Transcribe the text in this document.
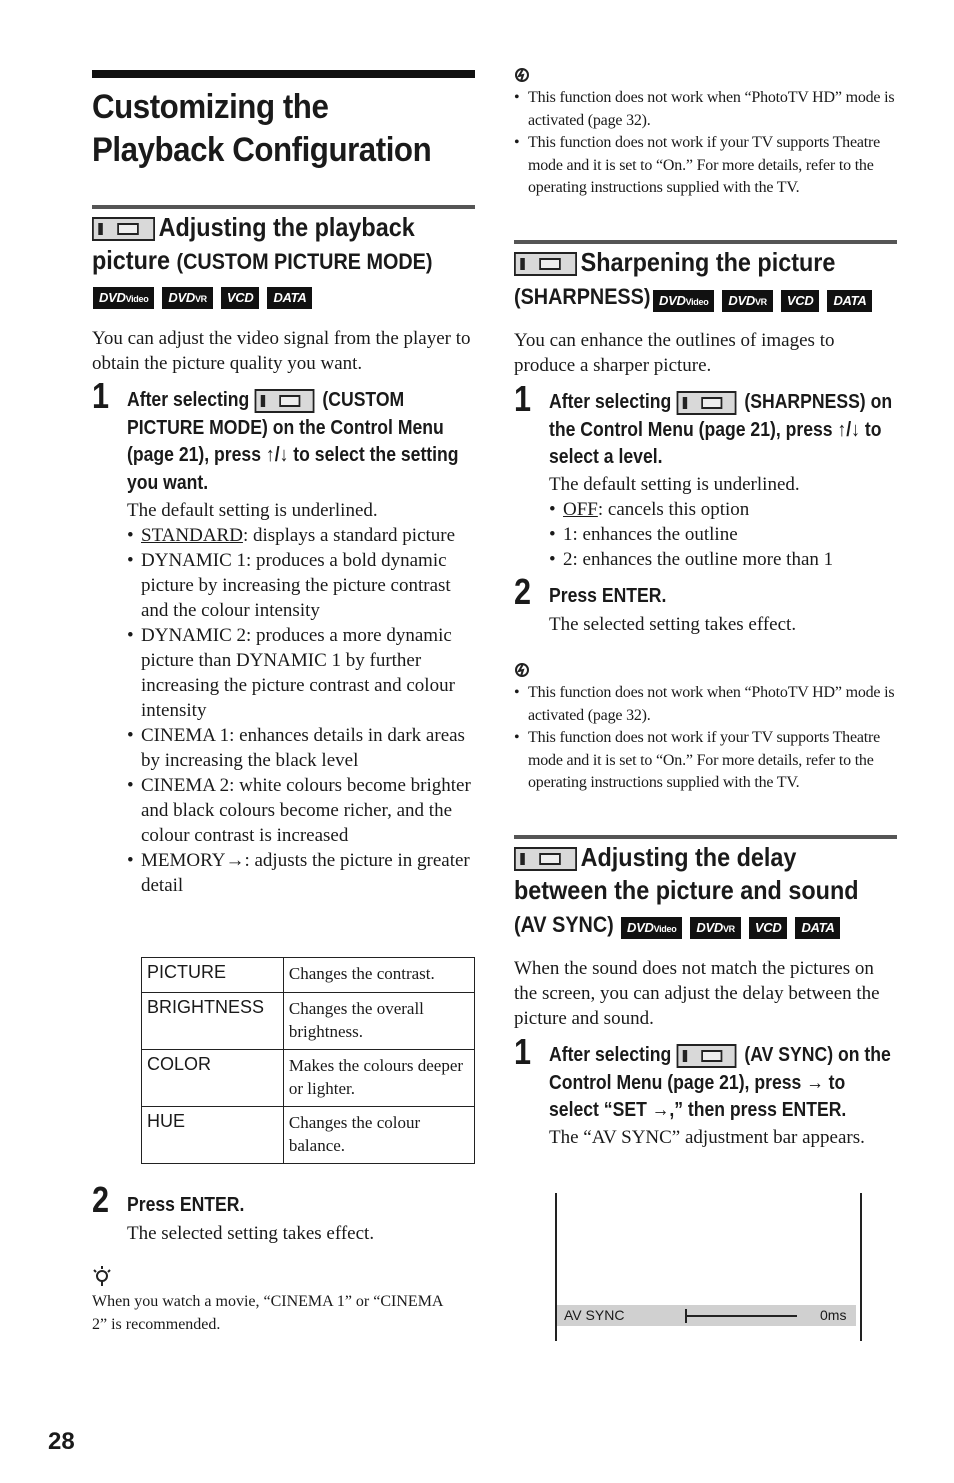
Customizing the
Playback Configuration
Adjusting the playback
picture (CUSTOM PICTURE MODE)
DVDVideo	DVDVR	VCD	DATA
You can adjust the video signal from the player to obtain the picture quality you want.
1 After selecting	(CUSTOM PICTURE MODE) on the Control Menu (page 21), press ↑/↓ to select the setting you want.
The default setting is underlined.
• STANDARD: displays a standard picture
• DYNAMIC 1: produces a bold dynamic picture by increasing the picture contrast and the colour intensity
• DYNAMIC 2: produces a more dynamic picture than DYNAMIC 1 by further increasing the picture contrast and colour intensity
• CINEMA 1: enhances details in dark areas by increasing the black level
• CINEMA 2: white colours become brighter and black colours become richer, and the colour contrast is increased
• MEMORY→: adjusts the picture in greater detail
PICTURE	Changes the contrast.
BRIGHTNESS	Changes the overall brightness.
COLOR	Makes the colours deeper or lighter.
HUE	Changes the colour balance.
2 Press ENTER.
The selected setting takes effect.
When you watch a movie, “CINEMA 1” or “CINEMA 2” is recommended.
28
• This function does not work when “PhotoTV HD” mode is activated (page 32).
• This function does not work if your TV supports Theatre mode and it is set to “On.” For more details, refer to the operating instructions supplied with the TV.
Sharpening the picture
(SHARPNESS) DVDVideo	DVDVR	VCD	DATA
You can enhance the outlines of images to produce a sharper picture.
1 After selecting	(SHARPNESS) on the Control Menu (page 21), press ↑/↓ to select a level.
The default setting is underlined.
• OFF: cancels this option
• 1: enhances the outline
• 2: enhances the outline more than 1
2 Press ENTER.
The selected setting takes effect.
• This function does not work when “PhotoTV HD” mode is activated (page 32).
• This function does not work if your TV supports Theatre mode and it is set to “On.” For more details, refer to the operating instructions supplied with the TV.
Adjusting the delay
between the picture and sound
(AV SYNC)	DVDVideo	DVDVR	VCD	DATA
When the sound does not match the pictures on the screen, you can adjust the delay between the picture and sound.
1 After selecting	(AV SYNC) on the Control Menu (page 21), press → to select “SET →,” then press ENTER.
The “AV SYNC” adjustment bar appears.
AV SYNC	0ms
